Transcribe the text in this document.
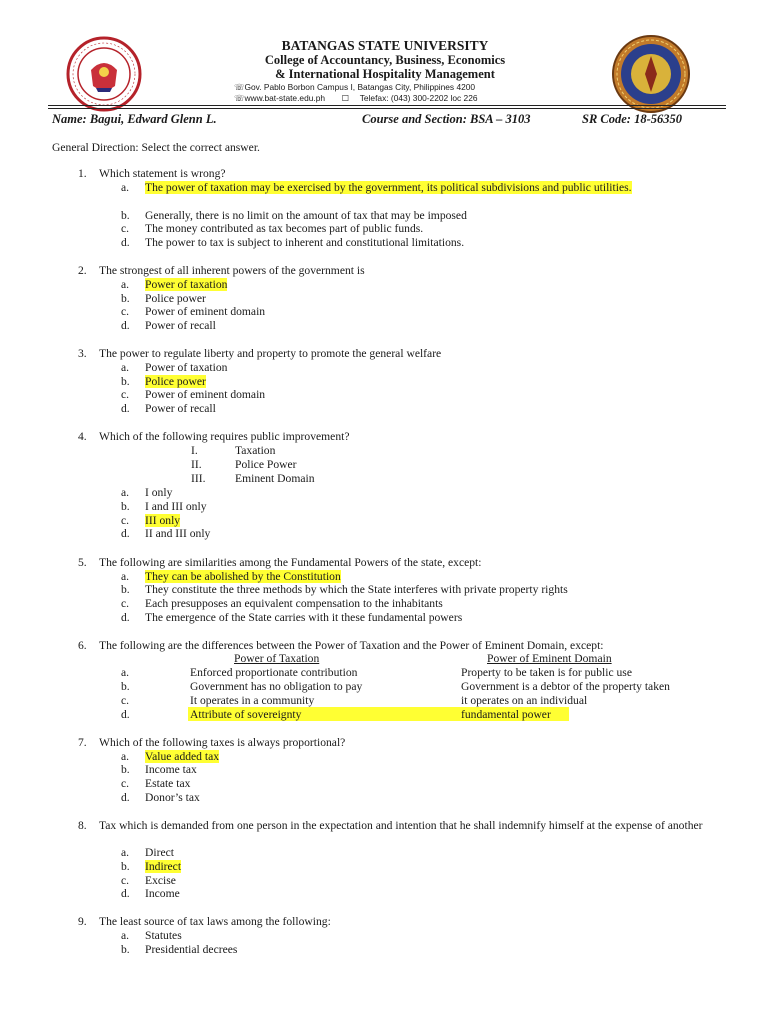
BATANGAS STATE UNIVERSITY
College of Accountancy, Business, Economics
& International Hospitality Management
☏Gov. Pablo Borbon Campus I, Batangas City, Philippines 4200
☏www.bat-state.edu.ph ☐ Telefax: (043) 300-2202 loc 226
Name: Bagui, Edward Glenn L.	Course and Section: BSA – 3103	SR Code: 18-56350
General Direction: Select the correct answer.
1. Which statement is wrong?
a. The power of taxation may be exercised by the government, its political subdivisions and public utilities.
b. Generally, there is no limit on the amount of tax that may be imposed
c. The money contributed as tax becomes part of public funds.
d. The power to tax is subject to inherent and constitutional limitations.
2. The strongest of all inherent powers of the government is
a. Power of taxation
b. Police power
c. Power of eminent domain
d. Power of recall
3. The power to regulate liberty and property to promote the general welfare
a. Power of taxation
b. Police power
c. Power of eminent domain
d. Power of recall
4. Which of the following requires public improvement?
I.	Taxation
II.	Police Power
III.	Eminent Domain
a. I only
b. I and III only
c. III only
d. II and III only
5. The following are similarities among the Fundamental Powers of the state, except:
a. They can be abolished by the Constitution
b. They constitute the three methods by which the State interferes with private property rights
c. Each presupposes an equivalent compensation to the inhabitants
d. The emergence of the State carries with it these fundamental powers
6. The following are the differences between the Power of Taxation and the Power of Eminent Domain, except:
Power of Taxation	Power of Eminent Domain
a.	Enforced proportionate contribution	Property to be taken is for public use
b.	Government has no obligation to pay	Government is a debtor of the property taken
c.	It operates in a community	it operates on an individual
d.	Attribute of sovereignty	fundamental power
7. Which of the following taxes is always proportional?
a. Value added tax
b. Income tax
c. Estate tax
d. Donor’s tax
8. Tax which is demanded from one person in the expectation and intention that he shall indemnify himself at the expense of another
a. Direct
b. Indirect
c. Excise
d. Income
9. The least source of tax laws among the following:
a. Statutes
b. Presidential decrees
